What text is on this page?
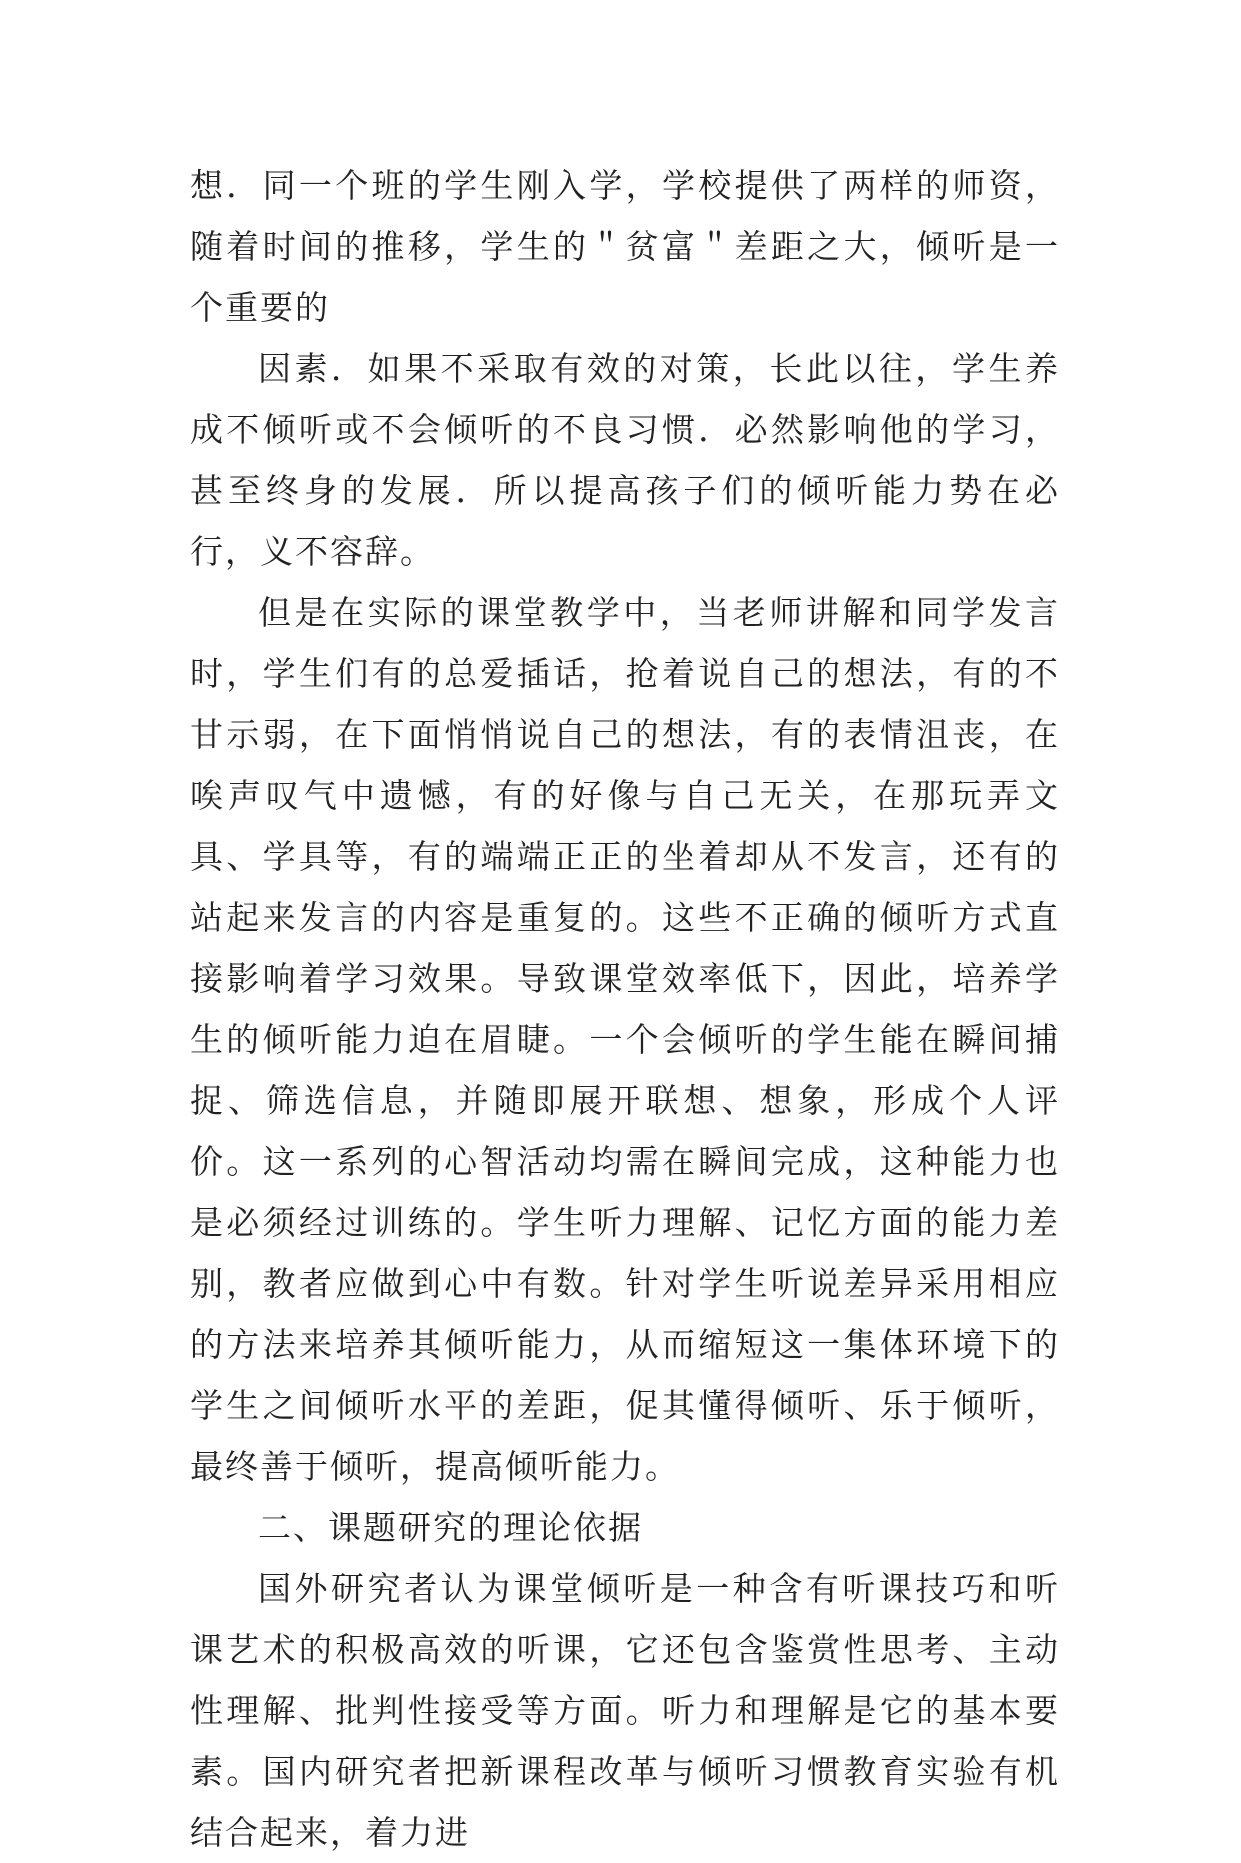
想．同一个班的学生刚入学，学校提供了两样的师资，随着时间的推移，学生的＂贫富＂差距之大，倾听是一个重要的

因素．如果不采取有效的对策，长此以往，学生养成不倾听或不会倾听的不良习惯．必然影响他的学习，甚至终身的发展．所以提高孩子们的倾听能力势在必行，义不容辞。

但是在实际的课堂教学中，当老师讲解和同学发言时，学生们有的总爱插话，抢着说自己的想法，有的不甘示弱，在下面悄悄说自己的想法，有的表情沮丧，在唉声叹气中遗憾，有的好像与自己无关，在那玩弄文具、学具等，有的端端正正的坐着却从不发言，还有的站起来发言的内容是重复的。这些不正确的倾听方式直接影响着学习效果。导致课堂效率低下，因此，培养学生的倾听能力迫在眉睫。一个会倾听的学生能在瞬间捕捉、筛选信息，并随即展开联想、想象，形成个人评价。这一系列的心智活动均需在瞬间完成，这种能力也是必须经过训练的。学生听力理解、记忆方面的能力差别，教者应做到心中有数。针对学生听说差异采用相应的方法来培养其倾听能力，从而缩短这一集体环境下的学生之间倾听水平的差距，促其懂得倾听、乐于倾听，最终善于倾听，提高倾听能力。

二、课题研究的理论依据

国外研究者认为课堂倾听是一种含有听课技巧和听课艺术的积极高效的听课，它还包含鉴赏性思考、主动性理解、批判性接受等方面。听力和理解是它的基本要素。国内研究者把新课程改革与倾听习惯教育实验有机结合起来，着力进
